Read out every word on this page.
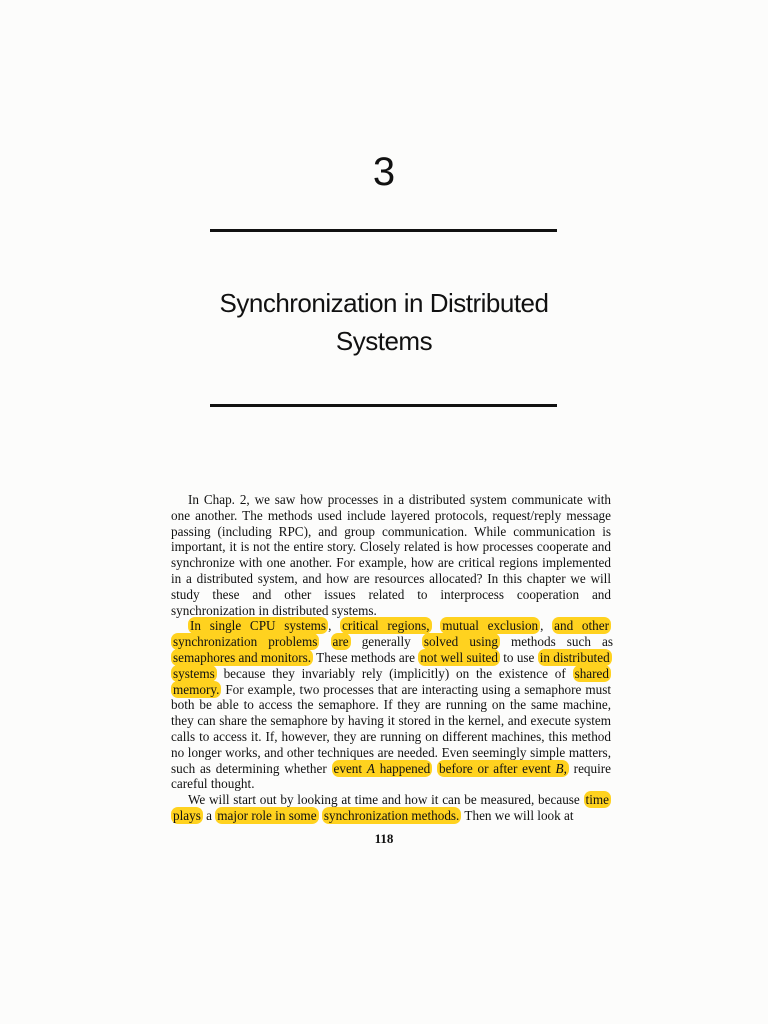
3
Synchronization in Distributed
Systems

In Chap. 2, we saw how processes in a distributed system communicate with one another. The methods used include layered protocols, request/reply message passing (including RPC), and group communication. While communication is important, it is not the entire story. Closely related is how processes cooperate and synchronize with one another. For example, how are critical regions implemented in a distributed system, and how are resources allocated? In this chapter we will study these and other issues related to interprocess cooperation and synchronization in distributed systems.

In single CPU systems , critical regions, mutual exclusion , and other synchronization problems are generally solved using methods such as semaphores and monitors. These methods are not well suited to use in distributed systems because they invariably rely (implicitly) on the existence of shared memory. For example, two processes that are interacting using a semaphore must both be able to access the semaphore. If they are running on the same machine, they can share the semaphore by having it stored in the kernel, and execute system calls to access it. If, however, they are running on different machines, this method no longer works, and other techniques are needed. Even seemingly simple matters, such as determining whether event A happened before or after event B, require careful thought.

We will start out by looking at time and how it can be measured, because time plays a major role in some synchronization methods. Then we will look at

118
